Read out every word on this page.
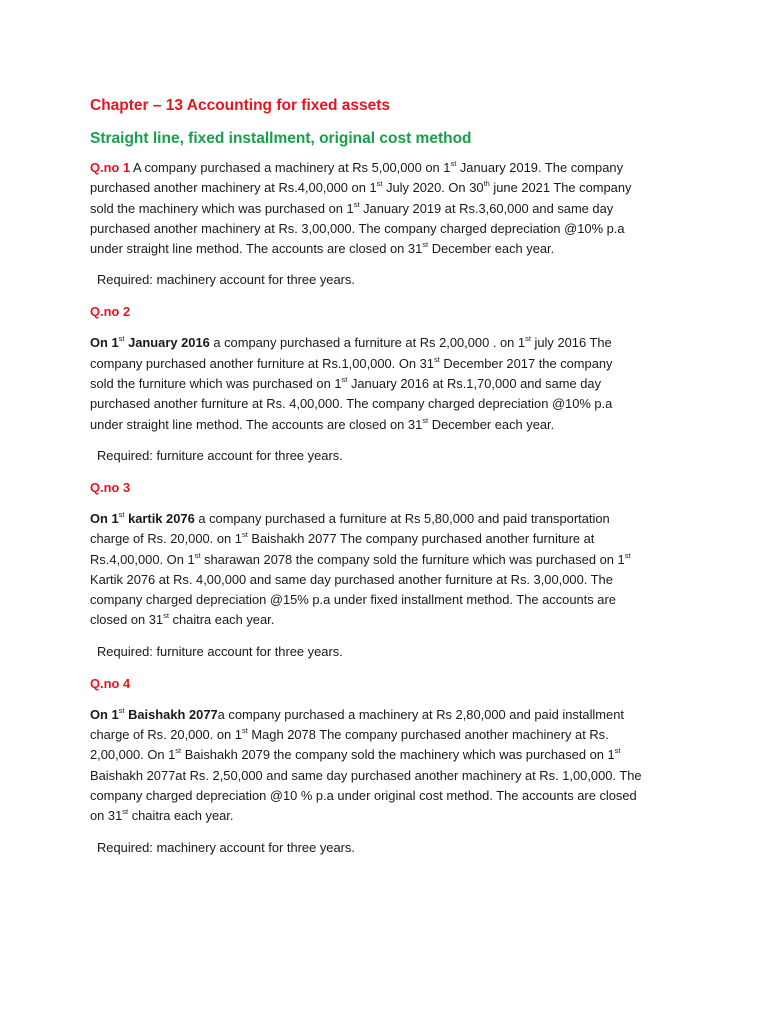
Chapter – 13 Accounting for fixed assets
Straight line, fixed installment, original cost method
Q.no 1 A company purchased a machinery at Rs 5,00,000 on 1st January 2019. The company
purchased another machinery at Rs.4,00,000 on 1st July 2020. On 30th june 2021 The company
sold the machinery which was purchased on 1st January 2019 at Rs.3,60,000 and same day
purchased another machinery at Rs. 3,00,000. The company charged depreciation @10% p.a
under straight line method. The accounts are closed on 31st December each year.
Required: machinery account for three years.
Q.no 2
On 1st January 2016 a company purchased a furniture at Rs 2,00,000 . on 1st july 2016 The
company purchased another furniture at Rs.1,00,000. On 31st December 2017 the company
sold the furniture which was purchased on 1st January 2016 at Rs.1,70,000 and same day
purchased another furniture at Rs. 4,00,000. The company charged depreciation @10% p.a
under straight line method. The accounts are closed on 31st December each year.
Required: furniture account for three years.
Q.no 3
On 1st kartik 2076 a company purchased a furniture at Rs 5,80,000 and paid transportation
charge of Rs. 20,000. on 1st Baishakh 2077 The company purchased another furniture at
Rs.4,00,000. On 1st sharawan 2078 the company sold the furniture which was purchased on 1st
Kartik 2076 at Rs. 4,00,000 and same day purchased another furniture at Rs. 3,00,000. The
company charged depreciation @15% p.a under fixed installment method. The accounts are
closed on 31st chaitra each year.
Required: furniture account for three years.
Q.no 4
On 1st Baishakh 2077a company purchased a machinery at Rs 2,80,000 and paid installment
charge of Rs. 20,000. on 1st Magh 2078 The company purchased another machinery at Rs.
2,00,000. On 1st Baishakh 2079 the company sold the machinery which was purchased on 1st
Baishakh 2077at Rs. 2,50,000 and same day purchased another machinery at Rs. 1,00,000. The
company charged depreciation @10 % p.a under original cost method. The accounts are closed
on 31st chaitra each year.
Required: machinery account for three years.
